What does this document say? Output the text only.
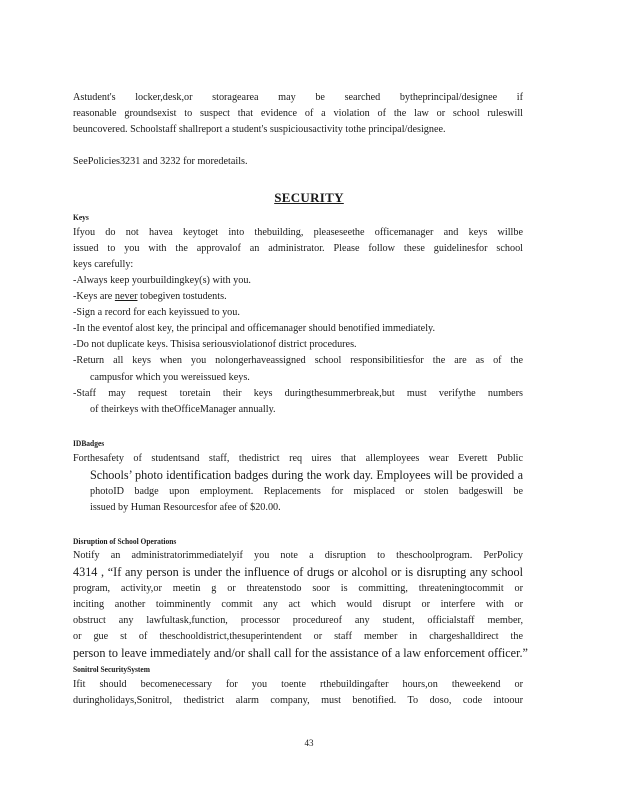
Astudent's locker,desk,or storagearea may be searched bytheprincipal/designee if
reasonable groundsexist to suspect that evidence of a violation of the law or school ruleswill
beuncovered. Schoolstaff shallreport a student's suspiciousactivity tothe principal/designee.
SeePolicies3231 and 3232 for moredetails.
SECURITY
Keys
Ifyou do not havea keytoget into thebuilding, pleaseseethe officemanager and keys willbe
issued to you with the approvalof an administrator. Please follow these guidelinesfor school
keys carefully:
-Always keep yourbuildingkey(s) with you.
-Keys are never tobegiven tostudents.
-Sign a record for each keyissued to you.
-In the eventof alost key, the principal and officemanager should benotified immediately.
-Do not duplicate keys. Thisisa seriousviolationof district procedures.
-Return all keys when you nolongerhaveassigned school responsibilitiesfor the are as of the
campusfor which you wereissued keys.
-Staff may request toretain their keys duringthesummerbreak,but must verifythe numbers
of theirkeys with theOfficeManager annually.
IDBadges
Forthesafety of studentsand staff, thedistrict req uires that allemployees wear Everett Public
Schools’ photo identification badges during the work day. Employees will be provided a
photoID badge upon employment. Replacements for misplaced or stolen badgeswill be
issued by Human Resourcesfor afee of $20.00.
Disruption of School Operations
Notify an administratorimmediatelyif you note a disruption to theschoolprogram. PerPolicy
4314 , “If any person is under the influence of drugs or alcohol or is disrupting any school
program, activity,or meetin g or threatenstodo soor is committing, threateningtocommit or
inciting another toimminently commit any act which would disrupt or interfere with or
obstruct any lawfultask,function, processor procedureof any student, officialstaff member,
or gue st of theschooldistrict,thesuperintendent or staff member in chargeshalldirect the
person to leave immediately and/or shall call for the assistance of a law enforcement officer.”
Sonitrol SecuritySystem
Ifit should becomenecessary for you toente rthebuildingafter hours,on theweekend or
duringholidays,Sonitrol, thedistrict alarm company, must benotified. To doso, code intoour
43
